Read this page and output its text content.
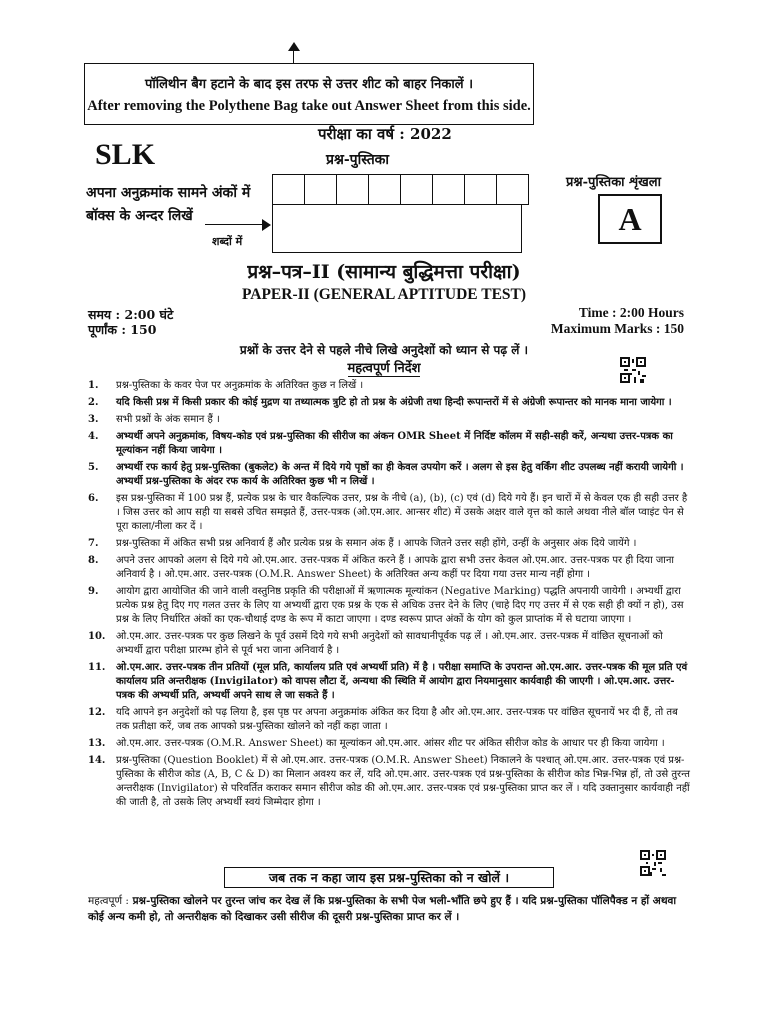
पॉलिथीन बैग हटाने के बाद इस तरफ से उत्तर शीट को बाहर निकालें ।
After removing the Polythene Bag take out Answer Sheet from this side.
परीक्षा का वर्ष : 2022
प्रश्न-पुस्तिका
SLK
अपना अनुक्रमांक सामने अंकों में
बॉक्स के अन्दर लिखें
शब्दों में

प्रश्न-पुस्तिका शृंखला
A
प्रश्न–पत्र–II (सामान्य बुद्धिमत्ता परीक्षा)
PAPER-II (GENERAL APTITUDE TEST)
समय : 2:00 घंटे
पूर्णांक : 150
Time : 2:00 Hours
Maximum Marks : 150
प्रश्नों के उत्तर देने से पहले नीचे लिखे अनुदेशों को ध्यान से पढ़ लें ।
महत्वपूर्ण निर्देश
1. प्रश्न-पुस्तिका के कवर पेज पर अनुक्रमांक के अतिरिक्त कुछ न लिखें ।
2. यदि किसी प्रश्न में किसी प्रकार की कोई मुद्रण या तथ्यात्मक त्रुटि हो तो प्रश्न के अंग्रेजी तथा हिन्दी रूपान्तरों में से अंग्रेजी रूपान्तर को मानक माना जायेगा ।
3. सभी प्रश्नों के अंक समान हैं ।
4. अभ्यर्थी अपने अनुक्रमांक, विषय-कोड एवं प्रश्न-पुस्तिका की सीरीज का अंकन OMR Sheet में निर्दिष्ट कॉलम में सही-सही करें, अन्यथा उत्तर-पत्रक का मूल्यांकन नहीं किया जायेगा ।
5. अभ्यर्थी रफ कार्य हेतु प्रश्न-पुस्तिका (बुकलेट) के अन्त में दिये गये पृष्ठों का ही केवल उपयोग करें । अलग से इस हेतु वर्किंग शीट उपलब्ध नहीं करायी जायेगी । अभ्यर्थी प्रश्न-पुस्तिका के अंदर रफ कार्य के अतिरिक्त कुछ भी न लिखें ।
6. इस प्रश्न-पुस्तिका में 100 प्रश्न हैं, प्रत्येक प्रश्न के चार वैकल्पिक उत्तर, प्रश्न के नीचे (a), (b), (c) एवं (d) दिये गये हैं। इन चारों में से केवल एक ही सही उत्तर है । जिस उत्तर को आप सही या सबसे उचित समझते हैं, उत्तर-पत्रक (ओ.एम.आर. आन्सर शीट) में उसके अक्षर वाले वृत्त को काले अथवा नीले बॉल प्वाइंट पेन से पूरा काला/नीला कर दें ।
7. प्रश्न-पुस्तिका में अंकित सभी प्रश्न अनिवार्य हैं और प्रत्येक प्रश्न के समान अंक हैं । आपके जितने उत्तर सही होंगे, उन्हीं के अनुसार अंक दिये जायेंगे ।
8. अपने उत्तर आपको अलग से दिये गये ओ.एम.आर. उत्तर-पत्रक में अंकित करने हैं । आपके द्वारा सभी उत्तर केवल ओ.एम.आर. उत्तर-पत्रक पर ही दिया जाना अनिवार्य है । ओ.एम.आर. उत्तर-पत्रक (O.M.R. Answer Sheet) के अतिरिक्त अन्य कहीं पर दिया गया उत्तर मान्य नहीं होगा ।
9. आयोग द्वारा आयोजित की जाने वाली वस्तुनिष्ठ प्रकृति की परीक्षाओं में ऋणात्मक मूल्यांकन (Negative Marking) पद्धति अपनायी जायेगी । अभ्यर्थी द्वारा प्रत्येक प्रश्न हेतु दिए गए गलत उत्तर के लिए या अभ्यर्थी द्वारा एक प्रश्न के एक से अधिक उत्तर देने के लिए (चाहे दिए गए उत्तर में से एक सही ही क्यों न हो), उस प्रश्न के लिए निर्धारित अंकों का एक-चौथाई दण्ड के रूप में काटा जाएगा । दण्ड स्वरूप प्राप्त अंकों के योग को कुल प्राप्तांक में से घटाया जाएगा ।
10. ओ.एम.आर. उत्तर-पत्रक पर कुछ लिखने के पूर्व उसमें दिये गये सभी अनुदेशों को सावधानीपूर्वक पढ़ लें । ओ.एम.आर. उत्तर-पत्रक में वांछित सूचनाओं को अभ्यर्थी द्वारा परीक्षा प्रारम्भ होने से पूर्व भरा जाना अनिवार्य है ।
11. ओ.एम.आर. उत्तर-पत्रक तीन प्रतियों (मूल प्रति, कार्यालय प्रति एवं अभ्यर्थी प्रति) में है । परीक्षा समाप्ति के उपरान्त ओ.एम.आर. उत्तर-पत्रक की मूल प्रति एवं कार्यालय प्रति अन्तरीक्षक (Invigilator) को वापस लौटा दें, अन्यथा की स्थिति में आयोग द्वारा नियमानुसार कार्यवाही की जाएगी । ओ.एम.आर. उत्तर-पत्रक की अभ्यर्थी प्रति, अभ्यर्थी अपने साथ ले जा सकते हैं ।
12. यदि आपने इन अनुदेशों को पढ़ लिया है, इस पृष्ठ पर अपना अनुक्रमांक अंकित कर दिया है और ओ.एम.आर. उत्तर-पत्रक पर वांछित सूचनायें भर दी हैं, तो तब तक प्रतीक्षा करें, जब तक आपको प्रश्न-पुस्तिका खोलने को नहीं कहा जाता ।
13. ओ.एम.आर. उत्तर-पत्रक (O.M.R. Answer Sheet) का मूल्यांकन ओ.एम.आर. आंसर शीट पर अंकित सीरीज कोड के आधार पर ही किया जायेगा ।
14. प्रश्न-पुस्तिका (Question Booklet) में से ओ.एम.आर. उत्तर-पत्रक (O.M.R. Answer Sheet) निकालने के पश्चात् ओ.एम.आर. उत्तर-पत्रक एवं प्रश्न-पुस्तिका के सीरीज कोड (A, B, C & D) का मिलान अवश्य कर लें, यदि ओ.एम.आर. उत्तर-पत्रक एवं प्रश्न-पुस्तिका के सीरीज कोड भिन्न-भिन्न हों, तो उसे तुरन्त अन्तरीक्षक (Invigilator) से परिवर्तित कराकर समान सीरीज कोड की ओ.एम.आर. उत्तर-पत्रक एवं प्रश्न-पुस्तिका प्राप्त कर लें । यदि उक्तानुसार कार्यवाही नहीं की जाती है, तो उसके लिए अभ्यर्थी स्वयं जिम्मेदार होगा ।
जब तक न कहा जाय इस प्रश्न-पुस्तिका को न खोलें ।
महत्वपूर्ण : प्रश्न-पुस्तिका खोलने पर तुरन्त जांच कर देख लें कि प्रश्न-पुस्तिका के सभी पेज भली-भाँति छपे हुए हैं । यदि प्रश्न-पुस्तिका पॉलिपैक्ड न हों अथवा कोई अन्य कमी हो, तो अन्तरीक्षक को दिखाकर उसी सीरीज की दूसरी प्रश्न-पुस्तिका प्राप्त कर लें ।
